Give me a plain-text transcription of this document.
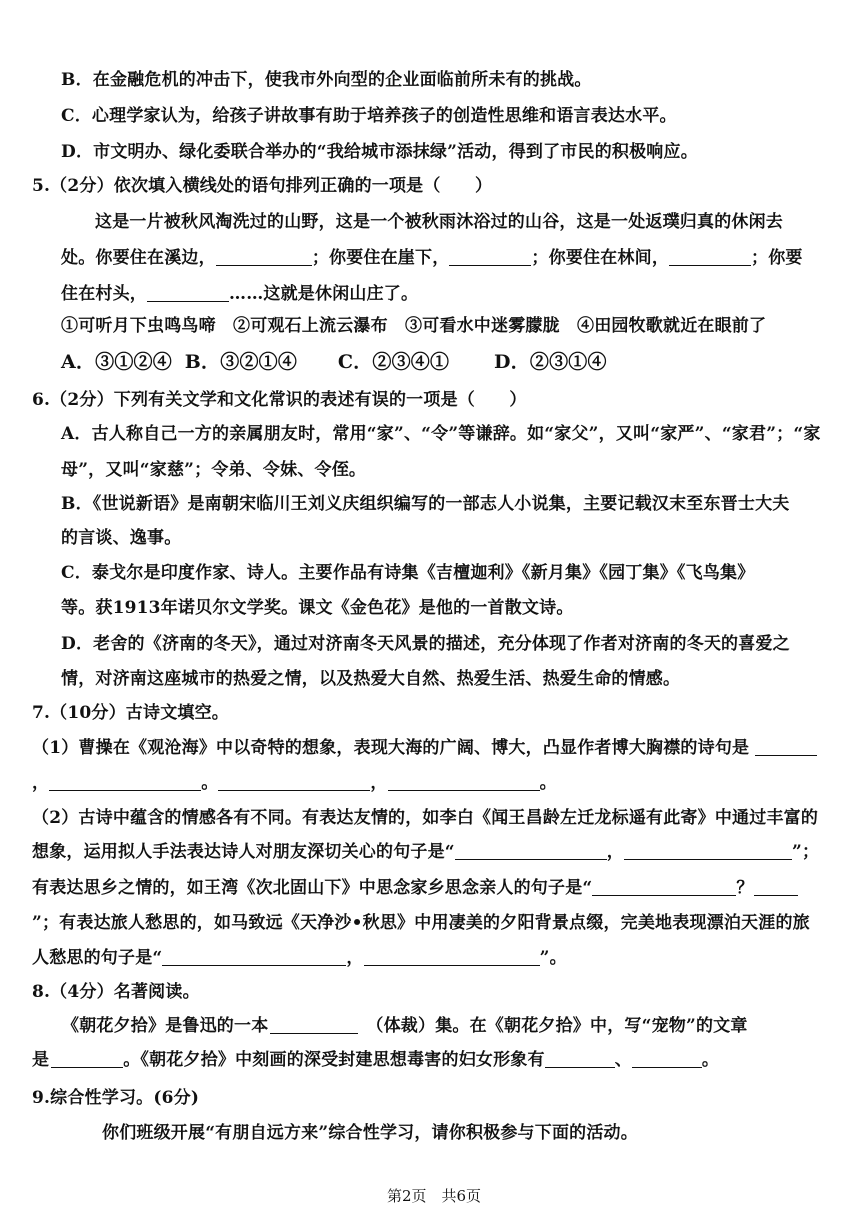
B．在金融危机的冲击下，使我市外向型的企业面临前所未有的挑战。
C．心理学家认为，给孩子讲故事有助于培养孩子的创造性思维和语言表达水平。
D．市文明办、绿化委联合举办的“我给城市添抹绿”活动，得到了市民的积极响应。
5.（2分）依次填入横线处的语句排列正确的一项是（　　）
这是一片被秋风淘洗过的山野，这是一个被秋雨沐浴过的山谷，这是一处返璞归真的休闲去
处。你要住在溪边，	；你要住在崖下，	；你要住在林间，	；你要
住在村头，	……这就是休闲山庄了。
①可听月下虫鸣鸟啼　②可观石上流云瀑布　③可看水中迷雾朦胧　④田园牧歌就近在眼前了
A．③①②④ B．③②①④ C．②③④① D．②③①④
6.（2分）下列有关文学和文化常识的表述有误的一项是（　　）
A．古人称自己一方的亲属朋友时，常用“家”、“令”等谦辞。如“家父”，又叫“家严”、“家君”；“家
母”，又叫“家慈”；令弟、令妹、令侄。
B．《世说新语》是南朝宋临川王刘义庆组织编写的一部志人小说集，主要记载汉末至东晋士大夫
的言谈、逸事。
C．泰戈尔是印度作家、诗人。主要作品有诗集《吉檀迦利》《新月集》《园丁集》《飞鸟集》
等。获1913年诺贝尔文学奖。课文《金色花》是他的一首散文诗。
D．老舍的《济南的冬天》，通过对济南冬天风景的描述，充分体现了作者对济南的冬天的喜爱之
情，对济南这座城市的热爱之情，以及热爱大自然、热爱生活、热爱生命的情感。
7.（10分）古诗文填空。
（1）曹操在《观沧海》中以奇特的想象，表现大海的广阔、博大，凸显作者博大胸襟的诗句是
，	。	，	。
（2）古诗中蕴含的情感各有不同。有表达友情的，如李白《闻王昌龄左迁龙标遥有此寄》中通过丰富的
想象，运用拟人手法表达诗人对朋友深切关心的句子是“	，	”；
有表达思乡之情的，如王湾《次北固山下》中思念家乡思念亲人的句子是“	？
”；有表达旅人愁思的，如马致远《天净沙•秋思》中用凄美的夕阳背景点缀，完美地表现漂泊天涯的旅
人愁思的句子是“	，	”。
8.（4分）名著阅读。
《朝花夕拾》是鲁迅的一本	（体裁）集。在《朝花夕拾》中，写“宠物”的文章
是	。《朝花夕拾》中刻画的深受封建思想毒害的妇女形象有	、	。
9.综合性学习。(6分)
你们班级开展“有朋自远方来”综合性学习，请你积极参与下面的活动。
第2页　共6页
